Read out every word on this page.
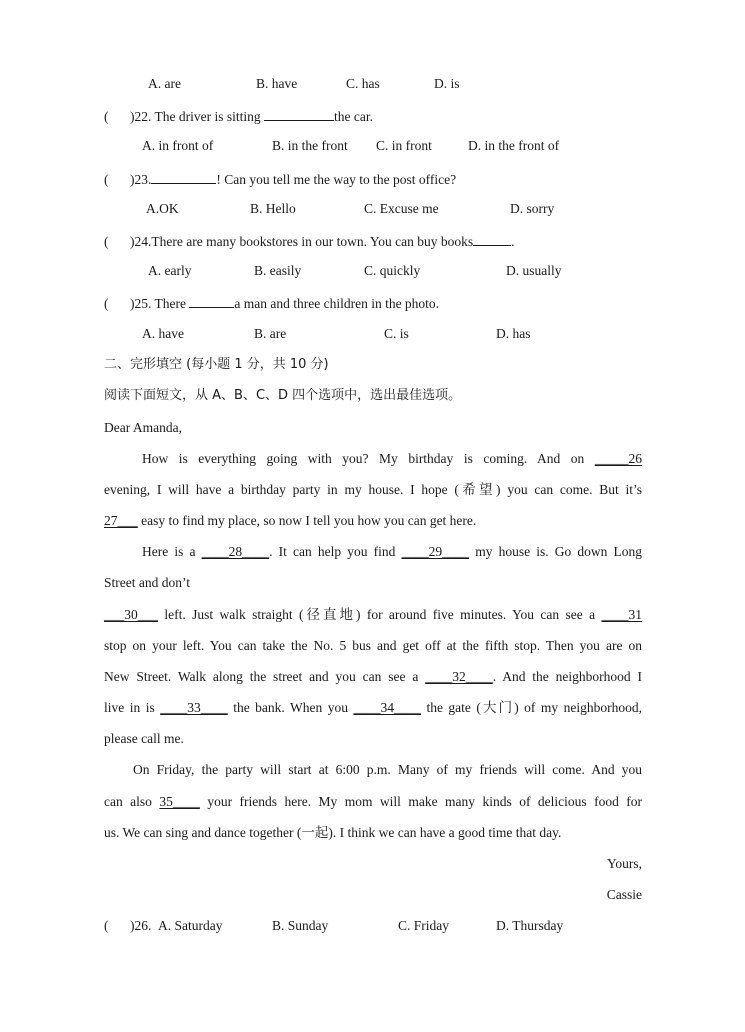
A. are	B. have	C. has	D. is
( )22. The driver is sitting	the car.
A. in front of	B. in the front C. in front	D. in the front of
( )23.	! Can you tell me the way to the post office?
A.OK	B. Hello	C. Excuse me	D. sorry
( )24.There are many bookstores in our town. You can buy books	.
A. early	B. easily	C. quickly	D. usually
( )25. There	a man and three children in the photo.
A. have	B. are	C. is	D. has
二、完形填空 (每小题 1 分，共 10 分)
阅读下面短文，从 A、B、C、D 四个选项中，选出最佳选项。
Dear Amanda,
How is everything going with you? My birthday is coming. And on _____26
evening, I will have a birthday party in my house. I hope (希望) you can come. But it’s
27___ easy to find my place, so now I tell you how you can get here.
Here is a ____28____. It can help you find ____29____ my house is. Go down Long
Street and don’t
___30___ left. Just walk straight (径直地) for around five minutes. You can see a ____31
stop on your left. You can take the No. 5 bus and get off at the fifth stop. Then you are on
New Street. Walk along the street and you can see a ____32____. And the neighborhood I
live in is ____33____ the bank. When you ____34____ the gate (大门) of my neighborhood,
please call me.
On Friday, the party will start at 6:00 p.m. Many of my friends will come. And you
can also 35____ your friends here. My mom will make many kinds of delicious food for
us. We can sing and dance together (一起). I think we can have a good time that day.
Yours,
Cassie
( )26. A. Saturday	B. Sunday	C. Friday	D. Thursday
